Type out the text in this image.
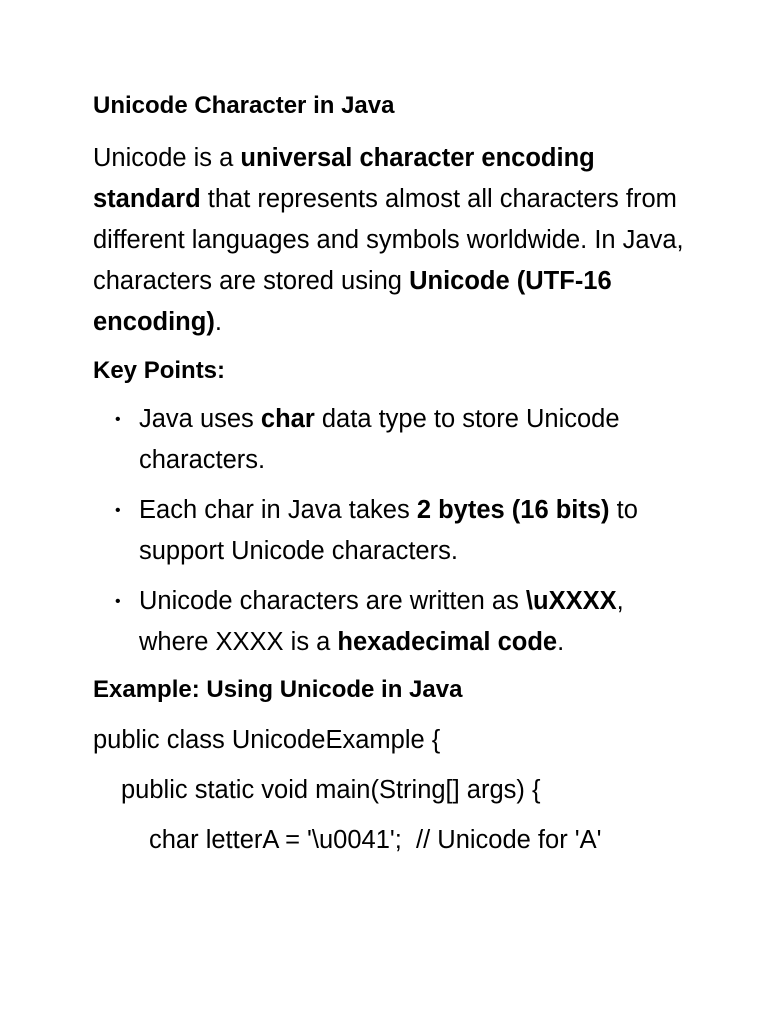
Unicode Character in Java

Unicode is a universal character encoding standard that represents almost all characters from different languages and symbols worldwide. In Java, characters are stored using Unicode (UTF-16 encoding).

Key Points:
• Java uses char data type to store Unicode characters.
• Each char in Java takes 2 bytes (16 bits) to support Unicode characters.
• Unicode characters are written as \uXXXX, where XXXX is a hexadecimal code.
Example: Using Unicode in Java
public class UnicodeExample {
public static void main(String[] args) {
char letterA = '\u0041';  // Unicode for 'A'
